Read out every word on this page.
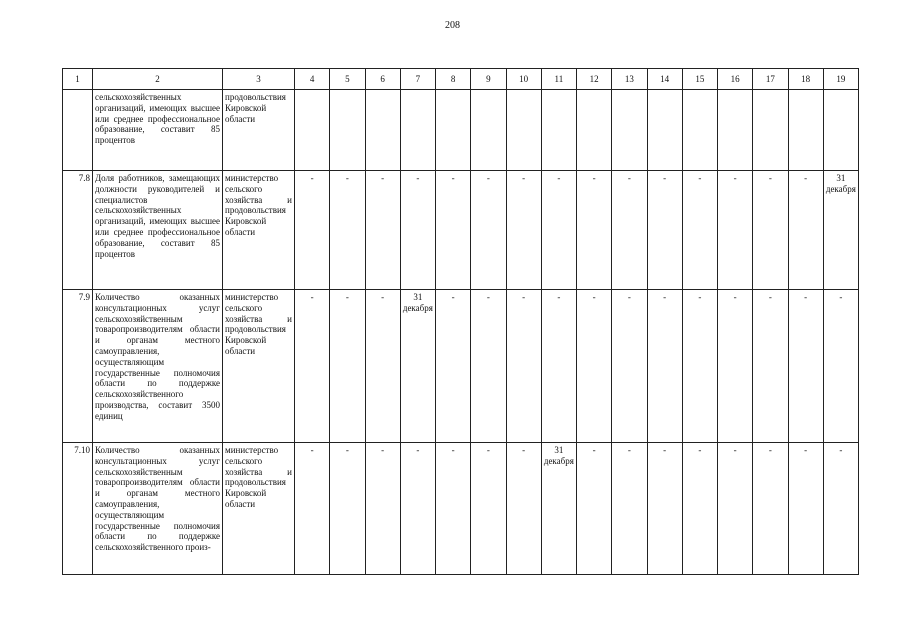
208
1	2	3	4	5	6	7	8	9	10	11	12	13	14	15	16	17	18	19
	сельскохозяйственных организаций, имеющих высшее или среднее профессиональное образование, составит 85 процентов	продовольствия Кировской области																
7.8	Доля работников, замещающих должности руководителей и специалистов сельскохозяйственных организаций, имеющих высшее или среднее профессиональное образование, составит 85 процентов	министерство сельского хозяйства и продовольствия Кировской области	-	-	-	-	-	-	-	-	-	-	-	-	-	-	-	31 декабря
7.9	Количество оказанных консультационных услуг сельскохозяйственным товаропроизводителям области и органам местного самоуправления, осуществляющим государственные полномочия области по поддержке сельскохозяйственного производства, составит 3500 единиц	министерство сельского хозяйства и продовольствия Кировской области	-	-	-	31 декабря	-	-	-	-	-	-	-	-	-	-	-	-
7.10	Количество оказанных консультационных услуг сельскохозяйственным товаропроизводителям области и органам местного самоуправления, осуществляющим государственные полномочия области по поддержке сельскохозяйственного произ-	министерство сельского хозяйства и продовольствия Кировской области	-	-	-	-	-	-	-	31 декабря	-	-	-	-	-	-	-	-
